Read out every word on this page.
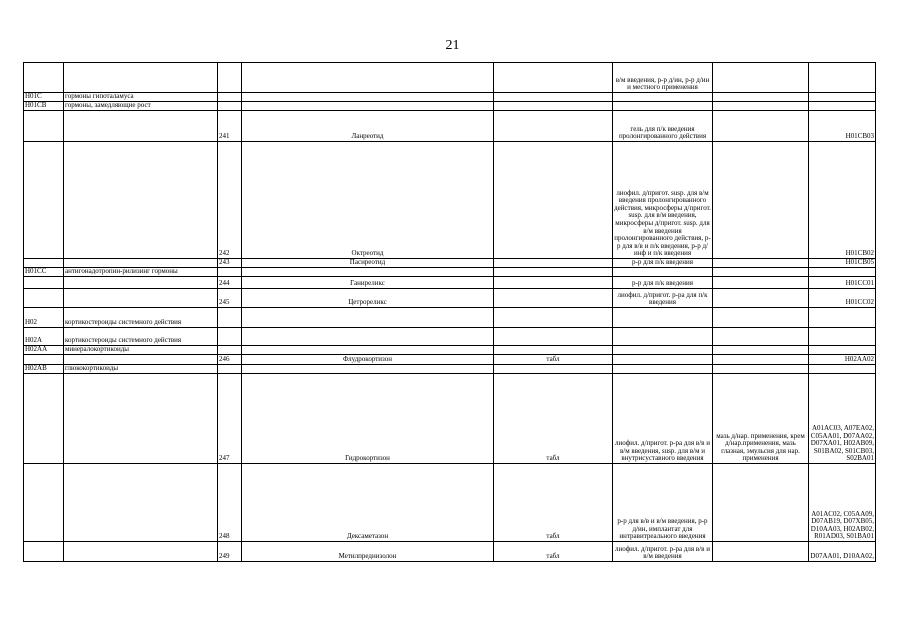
21
					в/м введения, р-р д/ин, р-р д/ин и местного применения		
H01C	гормоны гипоталамуса						
H01CB	гормоны, замедляющие рост						
		241	Ланреотид		гель для п/к введения пролонгированного действия		H01CB03
		242	Октреотид		лиофил. д/пригот. susp. для в/м введения пролонгированного действия, микросферы д/пригот. susp. для в/м введения, микросферы д/пригот. susp. для в/м введения пролонгированного действия, р-р для в/в и п/к введения, р-р д/инф и п/к введения		H01CB02
		243	Пасиреотид		р-р для п/к введения		H01CB05
H01CC	антигонадотропин-рилизинг гормоны						
		244	Ганиреликс		р-р для п/к введения		H01CC01
		245	Цетрореликс		лиофил. д/пригот. р-ра для п/к введения		H01CC02
H02	кортикостероиды системного действия						
H02A	кортикостероиды системного действия						
H02AA	минералокортикоиды						
		246	Флудрокортизон	табл			H02AA02
H02AB	глюкокортикоиды						
		247	Гидрокортизон	табл	лиофил. д/пригот. р-ра для в/в и в/м введения, susp. для в/м и внутрисуставного введения	мазь д/нар. применения, крем д/нар.применения, мазь глазная, эмульсия для нар. применения	A01AC03, A07EA02, C05AA01, D07AA02, D07XA01, H02AB09, S01BA02, S01CB03, S02BA01
		248	Дексаметазон	табл	р-р для в/в и в/м введения, р-р д/ин, имплантат для интравитреального введения		A01AC02, C05AA09, D07AB19, D07XB05, D10AA03, H02AB02, R01AD03, S01BA01
		249	Метилпреднизолон	табл	лиофил. д/пригот. р-ра для в/в и в/м введения		D07AA01, D10AA02,
